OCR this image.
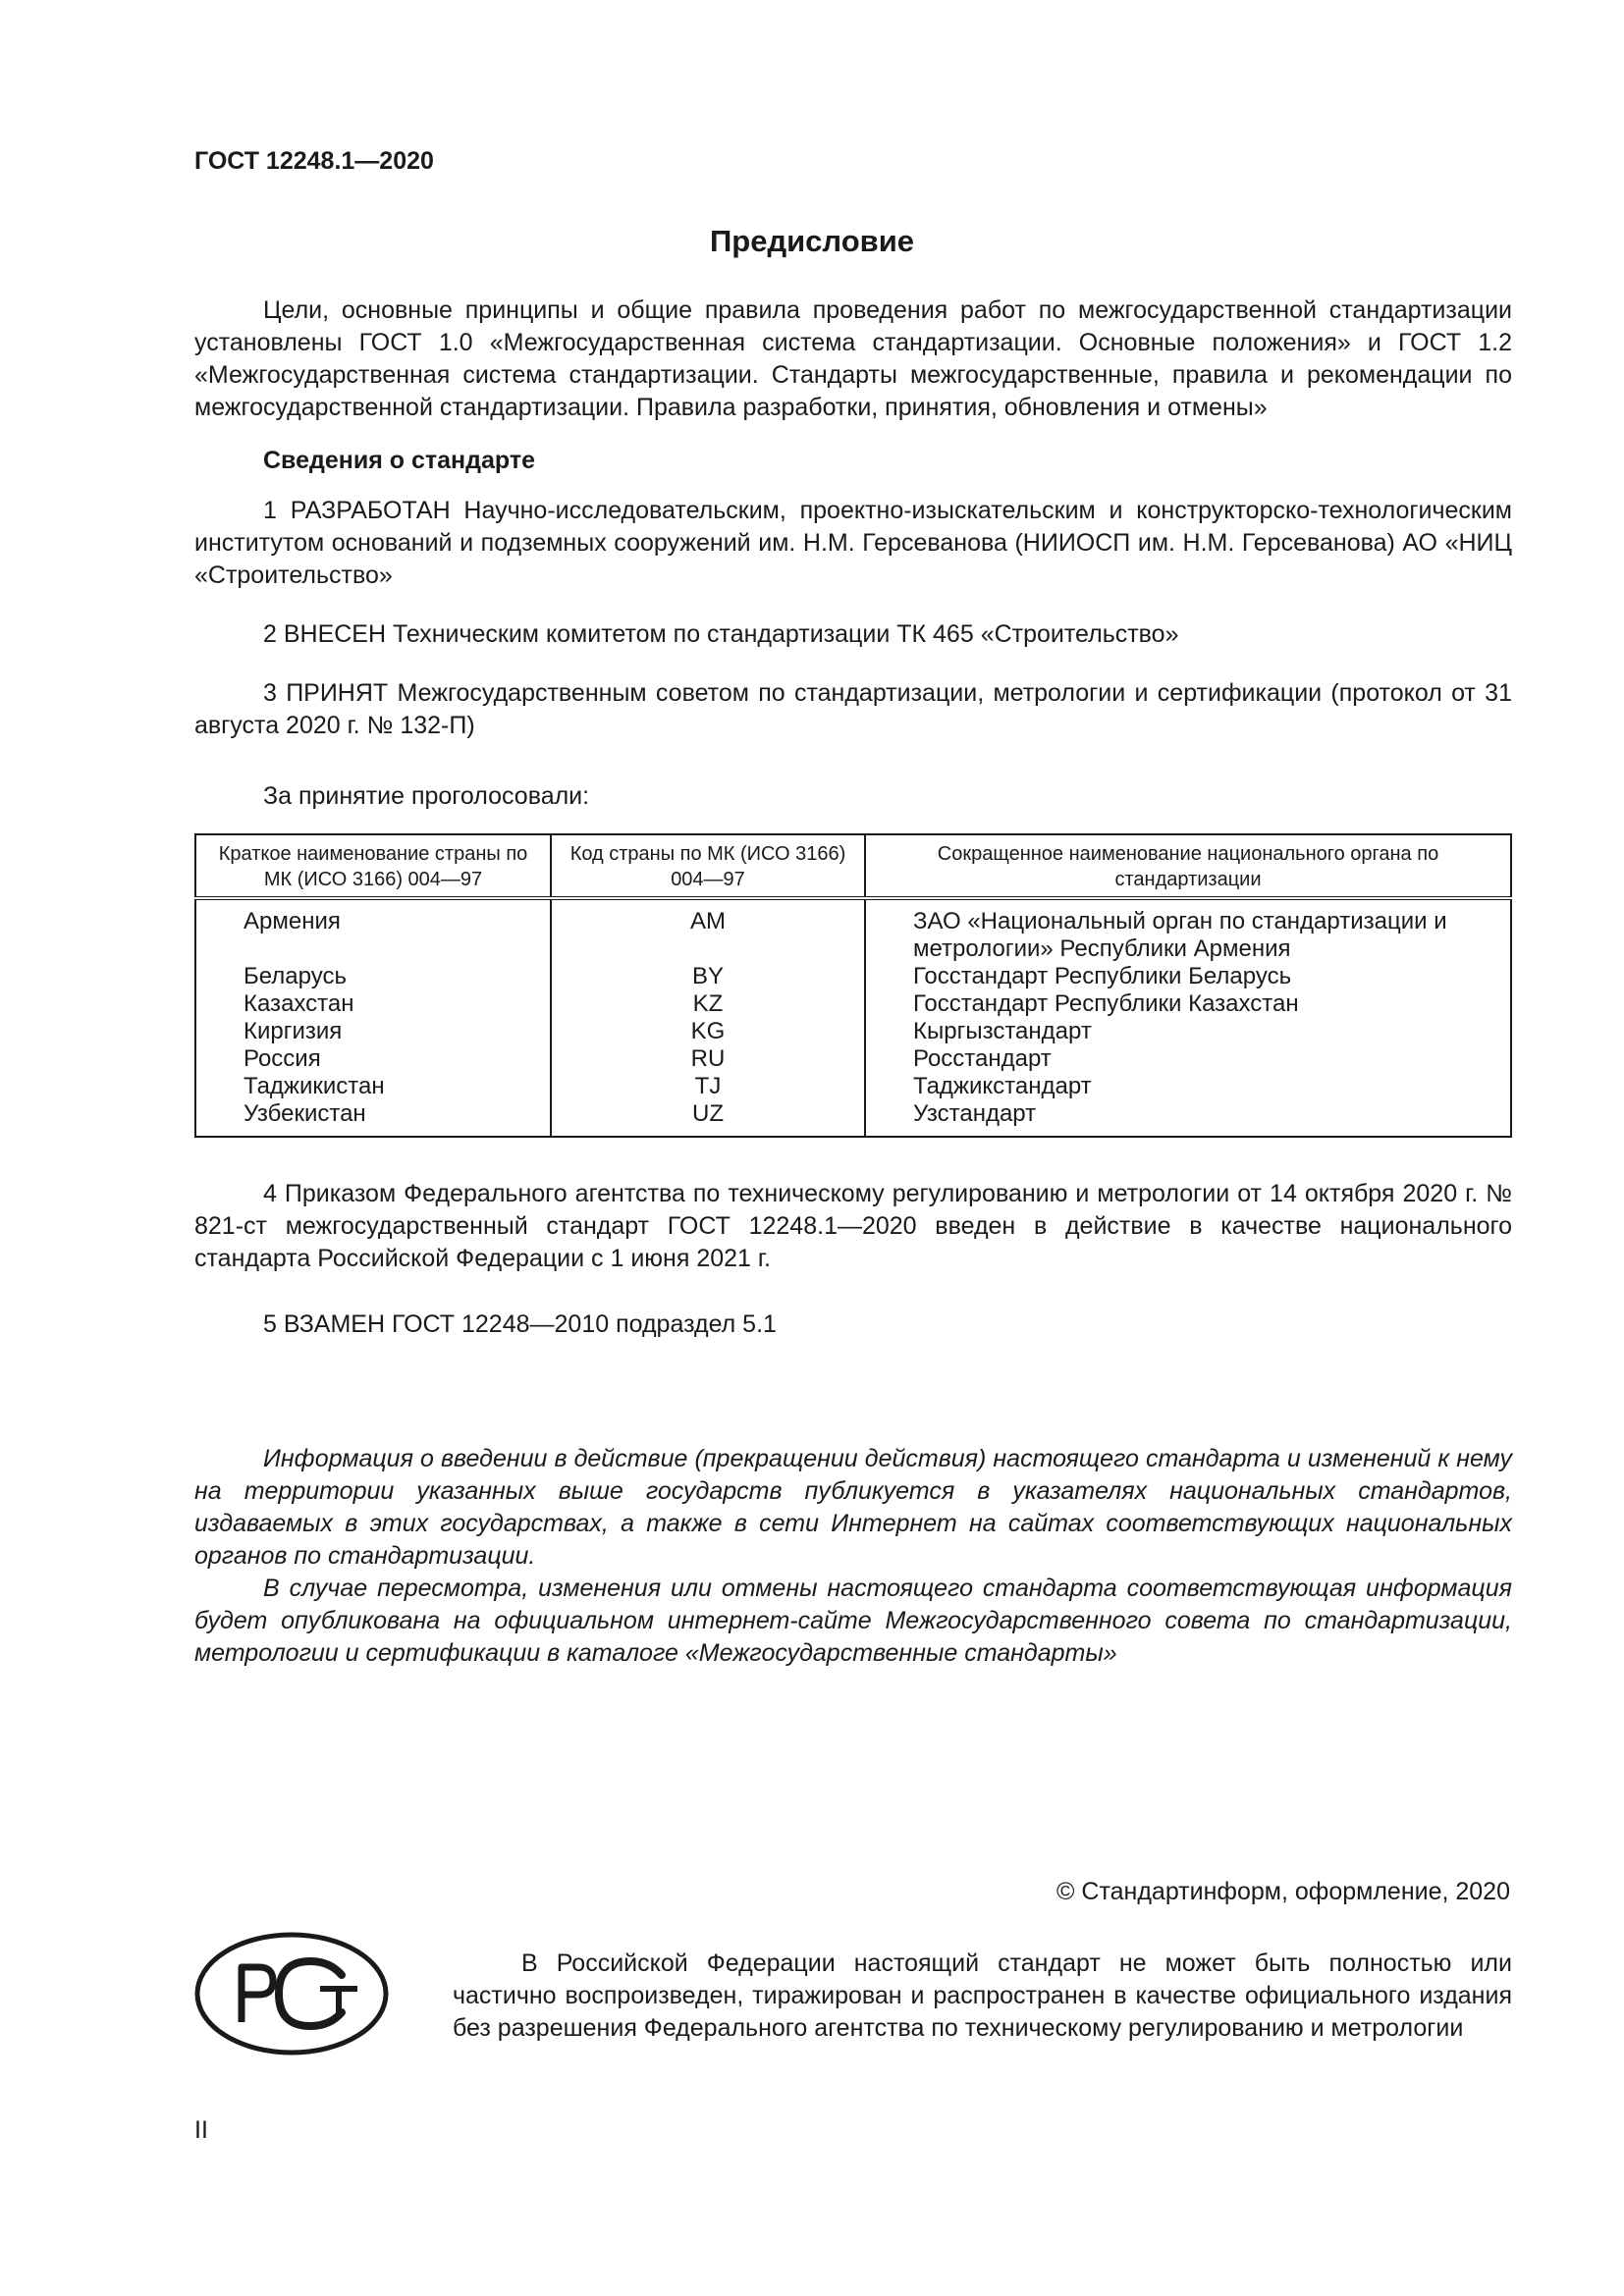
ГОСТ 12248.1—2020
Предисловие

Цели, основные принципы и общие правила проведения работ по межгосударственной стандартизации установлены ГОСТ 1.0 «Межгосударственная система стандартизации. Основные положения» и ГОСТ 1.2 «Межгосударственная система стандартизации. Стандарты межгосударственные, правила и рекомендации по межгосударственной стандартизации. Правила разработки, принятия, обновления и отмены»

Сведения о стандарте

1 РАЗРАБОТАН Научно-исследовательским, проектно-изыскательским и конструкторско-технологическим институтом оснований и подземных сооружений им. Н.М. Герсеванова (НИИОСП им. Н.М. Герсеванова) АО «НИЦ «Строительство»

2 ВНЕСЕН Техническим комитетом по стандартизации ТК 465 «Строительство»

3 ПРИНЯТ Межгосударственным советом по стандартизации, метрологии и сертификации (протокол от 31 августа 2020 г. № 132-П)

За принятие проголосовали:
Краткое наименование страны по МК (ИСО 3166) 004—97	Код страны по МК (ИСО 3166) 004—97	Сокращенное наименование национального органа по стандартизации
Армения	AM	ЗАО «Национальный орган по стандартизации и метрологии» Республики Армения
Беларусь	BY	Госстандарт Республики Беларусь
Казахстан	KZ	Госстандарт Республики Казахстан
Киргизия	KG	Кыргызстандарт
Россия	RU	Росстандарт
Таджикистан	TJ	Таджикстандарт
Узбекистан	UZ	Узстандарт

4 Приказом Федерального агентства по техническому регулированию и метрологии от 14 октября 2020 г. № 821-ст межгосударственный стандарт ГОСТ 12248.1—2020 введен в действие в качестве национального стандарта Российской Федерации с 1 июня 2021 г.

5 ВЗАМЕН ГОСТ 12248—2010 подраздел 5.1

Информация о введении в действие (прекращении действия) настоящего стандарта и изменений к нему на территории указанных выше государств публикуется в указателях национальных стандартов, издаваемых в этих государствах, а также в сети Интернет на сайтах соответствующих национальных органов по стандартизации.

В случае пересмотра, изменения или отмены настоящего стандарта соответствующая информация будет опубликована на официальном интернет-сайте Межгосударственного совета по стандартизации, метрологии и сертификации в каталоге «Межгосударственные стандарты»

© Стандартинформ, оформление, 2020

В Российской Федерации настоящий стандарт не может быть полностью или частично воспроизведен, тиражирован и распространен в качестве официального издания без разрешения Федерального агентства по техническому регулированию и метрологии

II
